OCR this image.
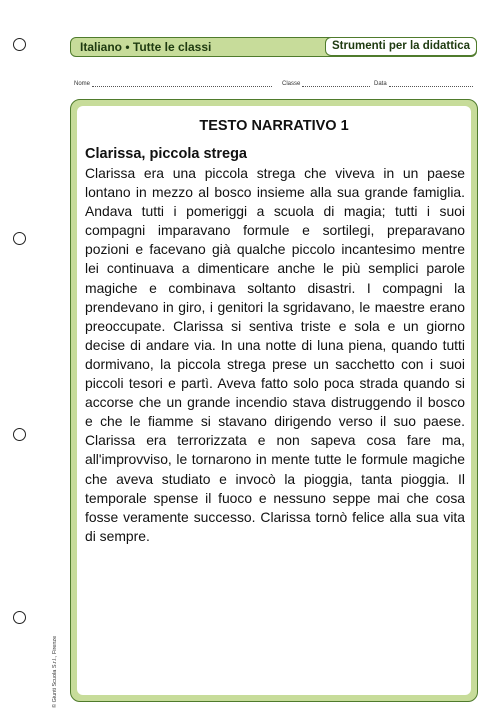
Italiano • Tutte le classi	Strumenti per la didattica
Nome	Classe	Data
TESTO NARRATIVO 1
Clarissa, piccola strega
Clarissa era una piccola strega che viveva in un paese lontano in mezzo al bosco insieme alla sua grande famiglia. Andava tutti i pomeriggi a scuola di magia; tutti i suoi compagni imparavano formule e sortilegi, preparavano pozioni e facevano già qualche piccolo incantesimo mentre lei continuava a dimenticare anche le più semplici parole magiche e combinava soltanto disastri. I compagni la prendevano in giro, i genitori la sgridavano, le maestre erano preoccupate. Clarissa si sentiva triste e sola e un giorno decise di andare via. In una notte di luna piena, quando tutti dormivano, la piccola strega prese un sacchetto con i suoi piccoli tesori e partì. Aveva fatto solo poca strada quando si accorse che un grande incendio stava distruggendo il bosco e che le fiamme si stavano dirigendo verso il suo paese. Clarissa era terrorizzata e non sapeva cosa fare ma, all'improvviso, le tornarono in mente tutte le formule magiche che aveva studiato e invocò la pioggia, tanta pioggia. Il temporale spense il fuoco e nessuno seppe mai che cosa fosse veramente successo. Clarissa tornò felice alla sua vita di sempre.
© Giunti Scuola S.r.l., Firenze
